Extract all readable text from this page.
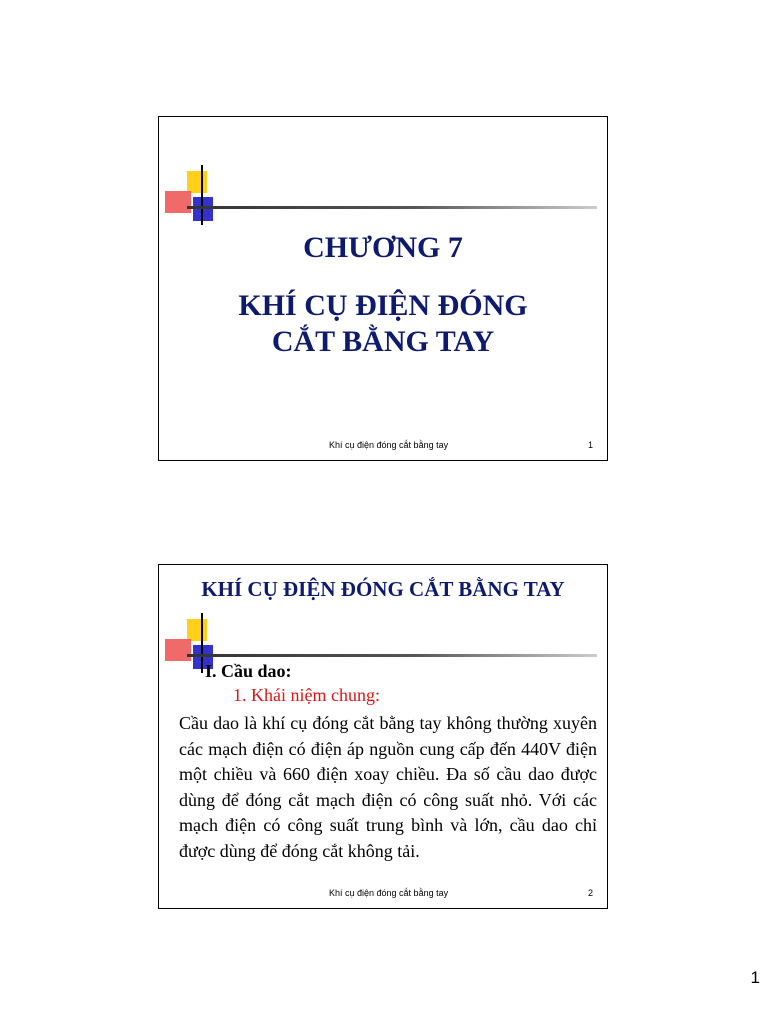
CHƯƠNG 7
KHÍ CỤ ĐIỆN ĐÓNG
CẮT BẰNG TAY
Khí cụ điện đóng cắt bằng tay	1
KHÍ CỤ ĐIỆN ĐÓNG CẮT BẰNG TAY
I. Cầu dao:
1. Khái niệm chung:

Cầu dao là khí cụ đóng cắt bằng tay không thường xuyên các mạch điện có điện áp nguồn cung cấp đến 440V điện một chiều và 660 điện xoay chiều. Đa số cầu dao được dùng để đóng cắt mạch điện có công suất nhỏ. Với các mạch điện có công suất trung bình và lớn, cầu dao chỉ được dùng để đóng cắt không tải.

Khí cụ điện đóng cắt bằng tay	2
1
